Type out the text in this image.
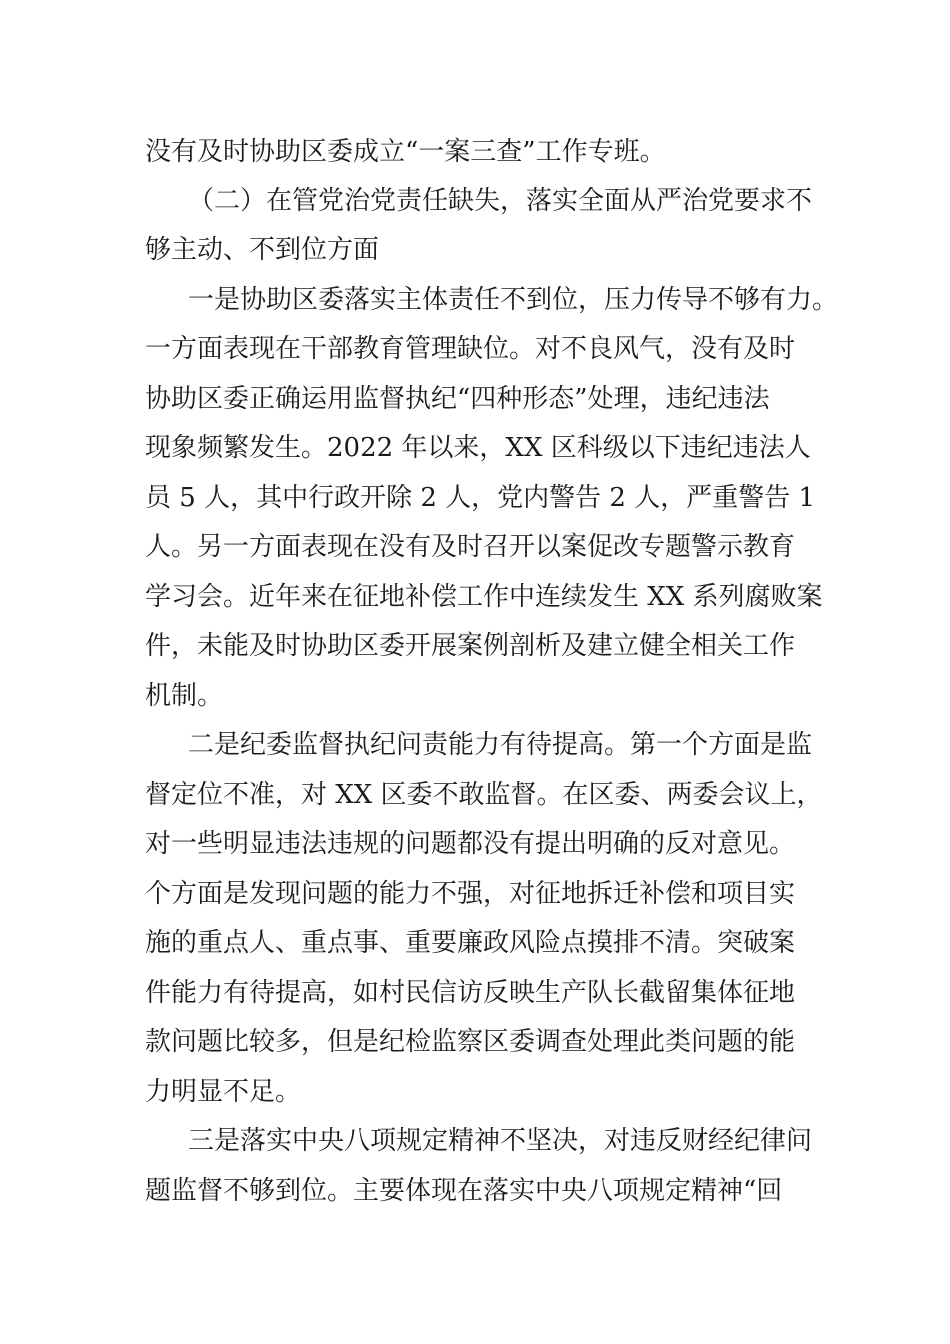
没有及时协助区委成立“一案三查”工作专班。
（二）在管党治党责任缺失，落实全面从严治党要求不
够主动、不到位方面
一是协助区委落实主体责任不到位，压力传导不够有力。
一方面表现在干部教育管理缺位。对不良风气，没有及时
协助区委正确运用监督执纪“四种形态”处理，违纪违法
现象频繁发生。2022 年以来，XX 区科级以下违纪违法人
员 5 人，其中行政开除 2 人，党内警告 2 人，严重警告 1
人。另一方面表现在没有及时召开以案促改专题警示教育
学习会。近年来在征地补偿工作中连续发生 XX 系列腐败案
件，未能及时协助区委开展案例剖析及建立健全相关工作
机制。
二是纪委监督执纪问责能力有待提高。第一个方面是监
督定位不准，对 XX 区委不敢监督。在区委、两委会议上，
对一些明显违法违规的问题都没有提出明确的反对意见。
个方面是发现问题的能力不强，对征地拆迁补偿和项目实
施的重点人、重点事、重要廉政风险点摸排不清。突破案
件能力有待提高，如村民信访反映生产队长截留集体征地
款问题比较多，但是纪检监察区委调查处理此类问题的能
力明显不足。
三是落实中央八项规定精神不坚决，对违反财经纪律问
题监督不够到位。主要体现在落实中央八项规定精神“回
